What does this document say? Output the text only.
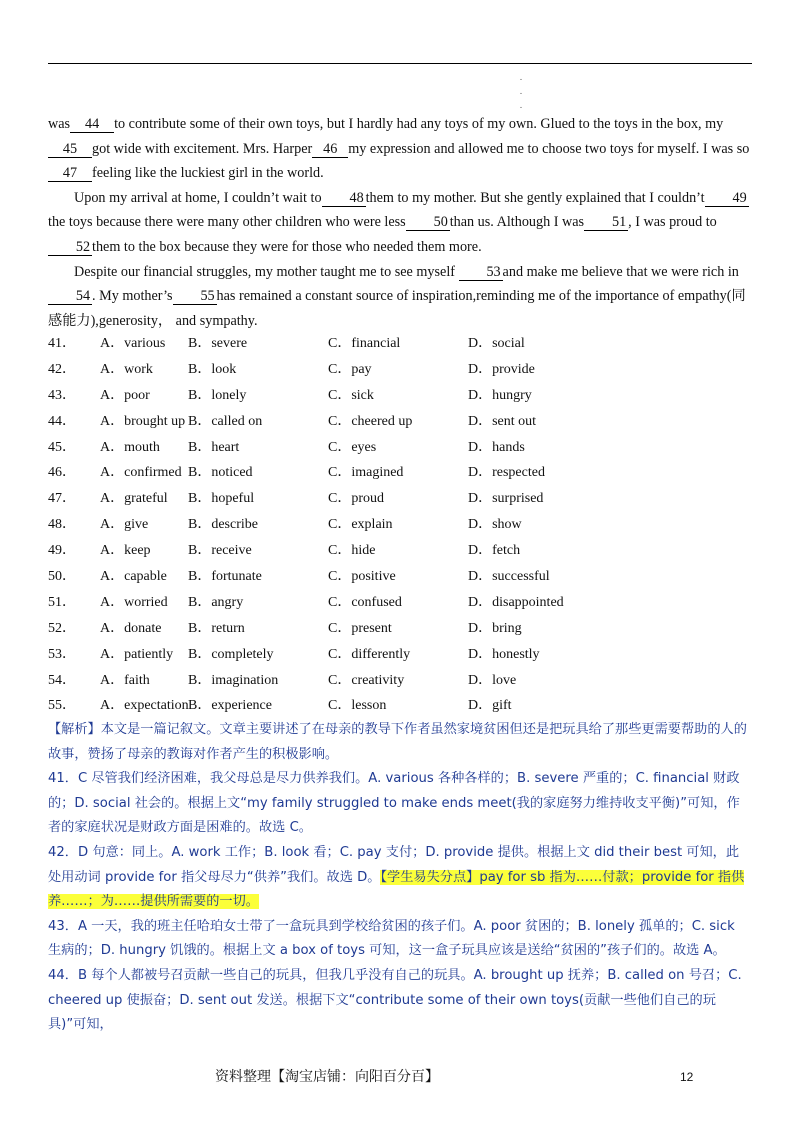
.
.
.

was 44 to contribute some of their own toys, but I hardly had any toys of my own. Glued to the toys in the box, my45 got wide with excitement. Mrs. Harper 46 my expression and allowed me to choose two toys for myself. I was so47 feeling like the luckiest girl in the world.

Upon my arrival at home, I couldn’t wait to 48 them to my mother. But she gently explained that I couldn’t 49the toys because there were many other children who were less 50 than us. Although I was 51 , I was proud to52 them to the box because they were for those who needed them more.

Despite our financial struggles, my mother taught me to see myself 53 and make me believe that we were rich in54 . My mother’s 55 has remained a constant source of inspiration,reminding me of the importance of empathy(同感能力),generosity， and sympathy.

41． A．various B．severe	C．financial	D．social
42． A．work	B．look	C．pay	D．provide
43． A．poor	B．lonely	C．sick	D．hungry
44． A．brought up B．called on	C．cheered up	D．sent out
45． A．mouth B．heart	C．eyes	D．hands
46． A．confirmed B．noticed	C．imagined	D．respected
47． A．grateful B．hopeful	C．proud	D．surprised
48． A．give	B．describe	C．explain	D．show
49． A．keep	B．receive	C．hide	D．fetch
50． A．capable B．fortunate	C．positive	D．successful
51． A．worried B．angry	C．confused	D．disappointed
52． A．donate B．return	C．present	D．bring
53． A．patiently B．completely	C．differently	D．honestly
54． A．faith	B．imagination	C．creativity	D．love
55． A．expectation B．experience	C．lesson	D．gift

【解析】本文是一篇记叙文。文章主要讲述了在母亲的教导下作者虽然家境贫困但还是把玩具给了那些更需要帮助的人的故事，赞扬了母亲的教诲对作者产生的积极影响。

41．C 尽管我们经济困难，我父母总是尽力供养我们。A. various 各种各样的；B. severe 严重的；C. financial 财政的；D. social 社会的。根据上文“my family struggled to make ends meet(我的家庭努力维持收支平衡)”可知，作者的家庭状况是财政方面是困难的。故选 C。

42．D 句意：同上。A. work 工作；B. look 看；C. pay 支付；D. provide 提供。根据上文 did their best 可知，此处用动词 provide for 指父母尽力“供养”我们。故选 D。【学生易失分点】pay for sb 指为……付款；provide for 指供养……；为……提供所需要的一切。

43．A 一天，我的班主任哈珀女士带了一盒玩具到学校给贫困的孩子们。A. poor 贫困的；B. lonely 孤单的；C. sick 生病的；D. hungry 饥饿的。根据上文 a box of toys 可知，这一盒子玩具应该是送给“贫困的”孩子们的。故选 A。

44．B 每个人都被号召贡献一些自己的玩具，但我几乎没有自己的玩具。A. brought up 抚养；B. called on 号召；C. cheered up 使振奋；D. sent out 发送。根据下文“contribute some of their own toys(贡献一些他们自己的玩具)”可知，

资料整理【淘宝店铺：向阳百分百】	12
